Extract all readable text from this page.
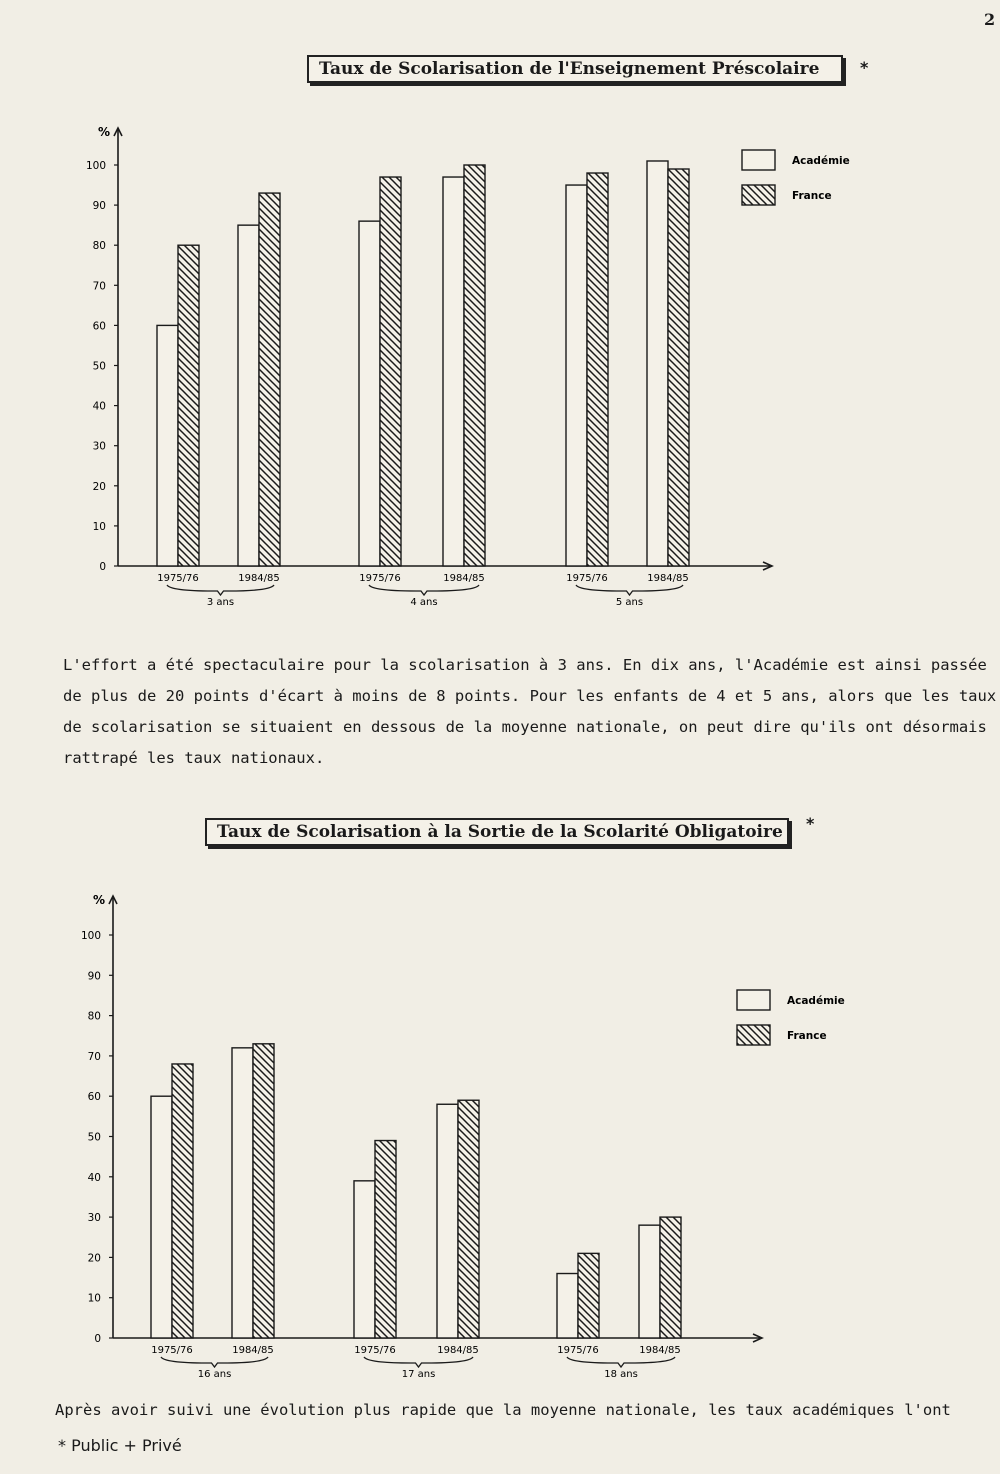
2
Taux de Scolarisation de l'Enseignement Préscolaire	*
%
0
10
20
30
40
50
60
70
80
90
100
1975/76	1984/85	1975/76	1984/85	1975/76	1984/85
3 ans	4 ans	5 ans
Académie
France

L'effort a été spectaculaire pour la scolarisation à 3 ans. En dix ans, l'Académie est ainsi passée

de plus de 20 points d'écart à moins de 8 points. Pour les enfants de 4 et 5 ans, alors que les taux

de scolarisation se situaient en dessous de la moyenne nationale, on peut dire qu'ils ont désormais

rattrapé les taux nationaux.

Taux de Scolarisation à la Sortie de la Scolarité Obligatoire	*
%
0
10
20
30
40
50
60
70
80
90
100
1975/76	1984/85	1975/76	1984/85	1975/76	1984/85
16 ans	17 ans	18 ans
Académie
France

Après avoir suivi une évolution plus rapide que la moyenne nationale, les taux académiques l'ont

* Public + Privé
